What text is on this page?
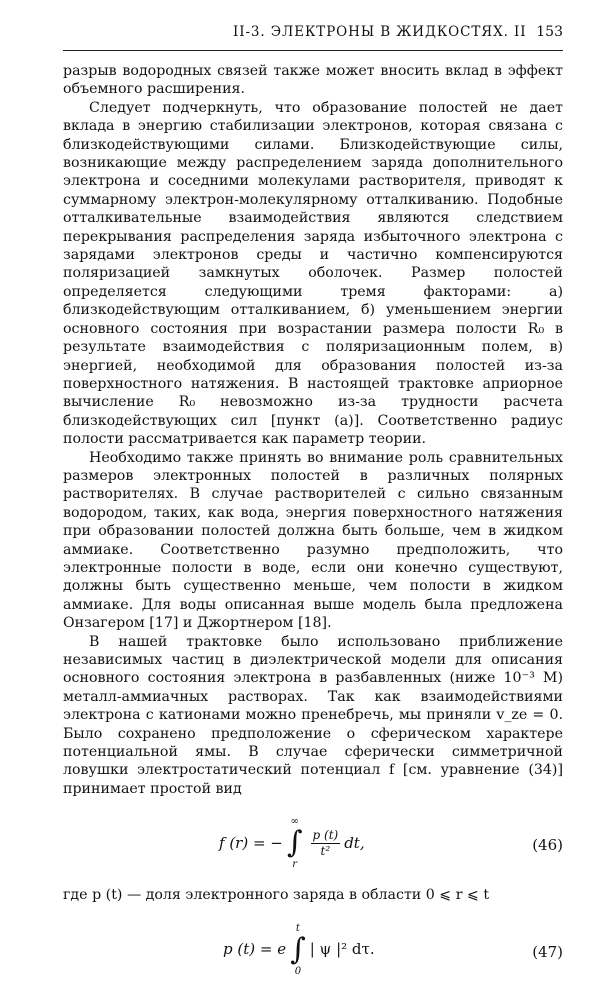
II-3. ЭЛЕКТРОНЫ В ЖИДКОСТЯХ. II 153

разрыв водородных связей также может вносить вклад в эффект объемного расширения.

Следует подчеркнуть, что образование полостей не дает вклада в энергию стабилизации электронов, которая связана с близкодействующими силами. Близкодействующие силы, возникающие между распределением заряда дополнительного электрона и соседними молекулами растворителя, приводят к суммарному электрон-молекулярному отталкиванию. Подобные отталкивательные взаимодействия являются следствием перекрывания распределения заряда избыточного электрона с зарядами электронов среды и частично компенсируются поляризацией замкнутых оболочек. Размер полостей определяется следующими тремя факторами: а) близкодействующим отталкиванием, б) уменьшением энергии основного состояния при возрастании размера полости R₀ в результате взаимодействия с поляризационным полем, в) энергией, необходимой для образования полостей из-за поверхностного натяжения. В настоящей трактовке априорное вычисление R₀ невозможно из-за трудности расчета близкодействующих сил [пункт (а)]. Соответственно радиус полости рассматривается как параметр теории.

Необходимо также принять во внимание роль сравнительных размеров электронных полостей в различных полярных растворителях. В случае растворителей с сильно связанным водородом, таких, как вода, энергия поверхностного натяжения при образовании полостей должна быть больше, чем в жидком аммиаке. Соответственно разумно предположить, что электронные полости в воде, если они конечно существуют, должны быть существенно меньше, чем полости в жидком аммиаке. Для воды описанная выше модель была предложена Онзагером [17] и Джортнером [18].

В нашей трактовке было использовано приближение независимых частиц в диэлектрической модели для описания основного состояния электрона в разбавленных (ниже 10⁻³ M) металл-аммиачных растворах. Так как взаимодействиями электрона с катионами можно пренебречь, мы приняли v_ze = 0. Было сохранено предположение о сферическом характере потенциальной ямы. В случае сферически симметричной ловушки электростатический потенциал f [см. уравнение (34)] принимает простой вид

f (r) = −
∞
∫
r
$\frac{p (t)}{\text{t²}}$ dt,	(46)

где p (t) — доля электронного заряда в области 0 ⩽ r ⩽ t

p (t) = e
t
∫
0
| ψ |² dτ.	(47)
